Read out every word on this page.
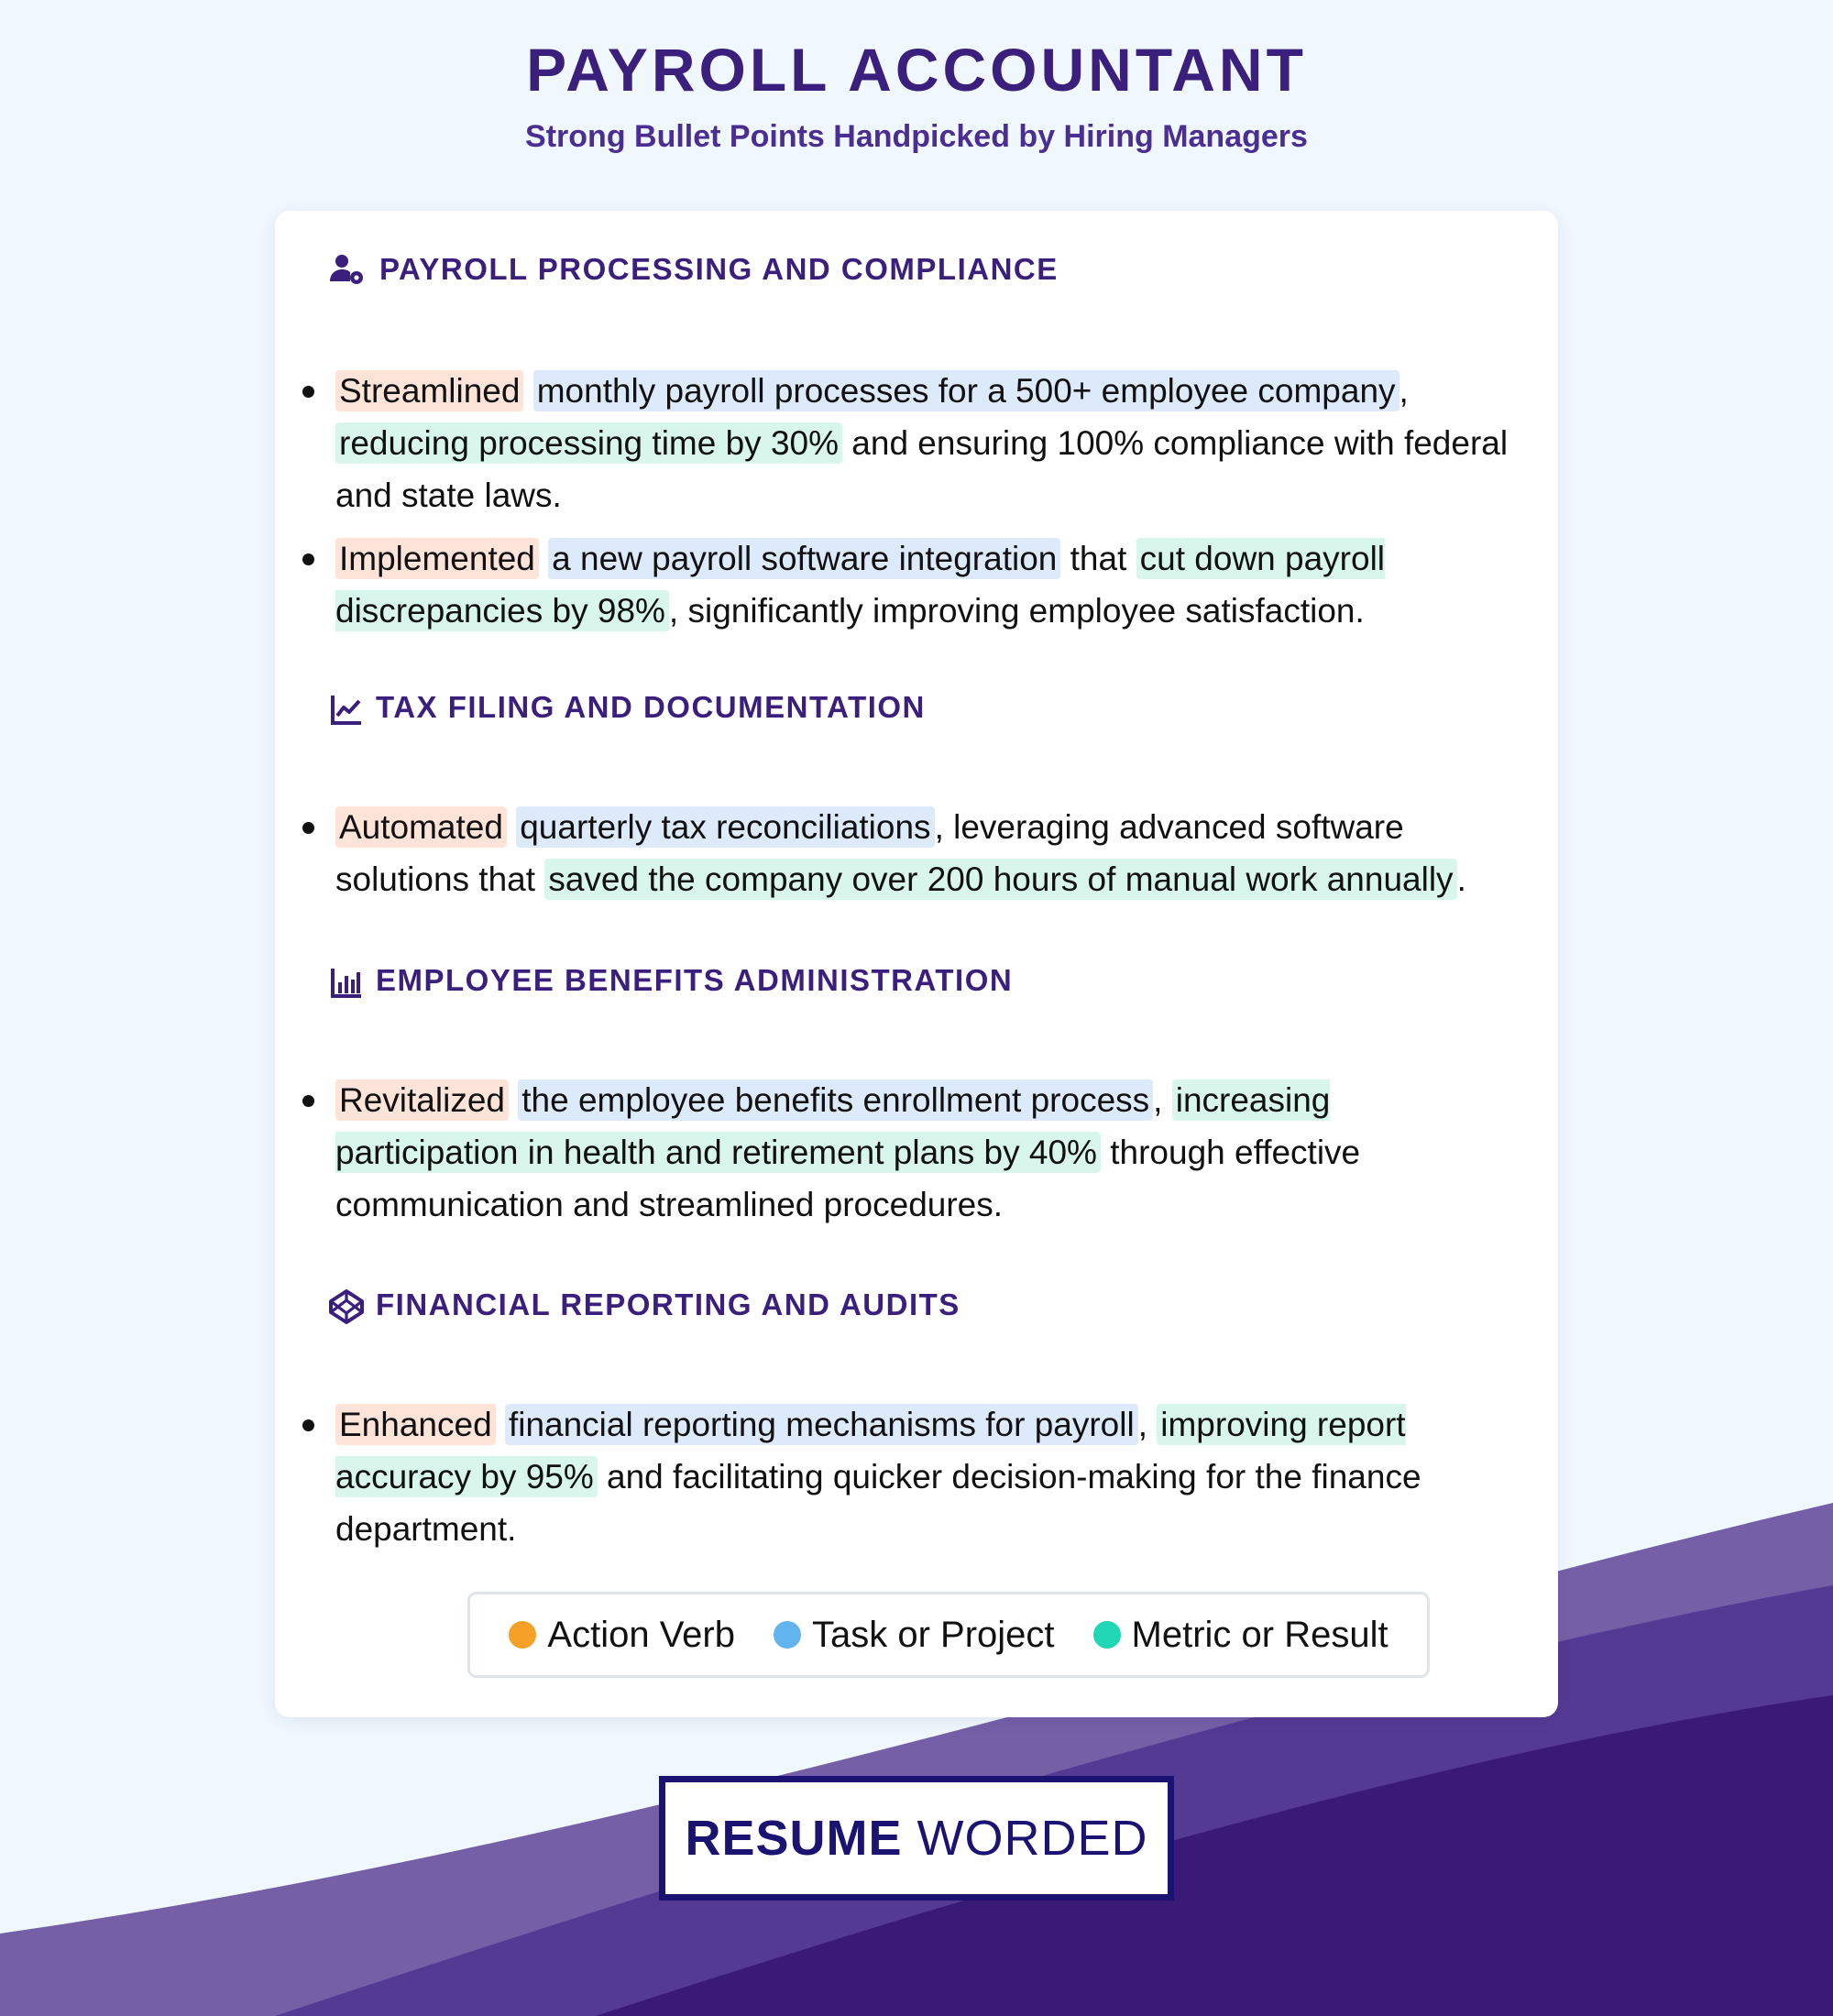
PAYROLL ACCOUNTANT
Strong Bullet Points Handpicked by Hiring Managers
PAYROLL PROCESSING AND COMPLIANCE

Streamlined monthly payroll processes for a 500+ employee company , reducing processing time by 30% and ensuring 100% compliance with federal and state laws.

Implemented a new payroll software integration that cut down payroll discrepancies by 98% , significantly improving employee satisfaction.

TAX FILING AND DOCUMENTATION

Automated quarterly tax reconciliations , leveraging advanced software solutions that saved the company over 200 hours of manual work annually .

EMPLOYEE BENEFITS ADMINISTRATION

Revitalized the employee benefits enrollment process , increasing participation in health and retirement plans by 40% through effective communication and streamlined procedures.

FINANCIAL REPORTING AND AUDITS

Enhanced financial reporting mechanisms for payroll , improving report accuracy by 95% and facilitating quicker decision-making for the finance department.

Action Verb Task or Project Metric or Result
RESUME WORDED
